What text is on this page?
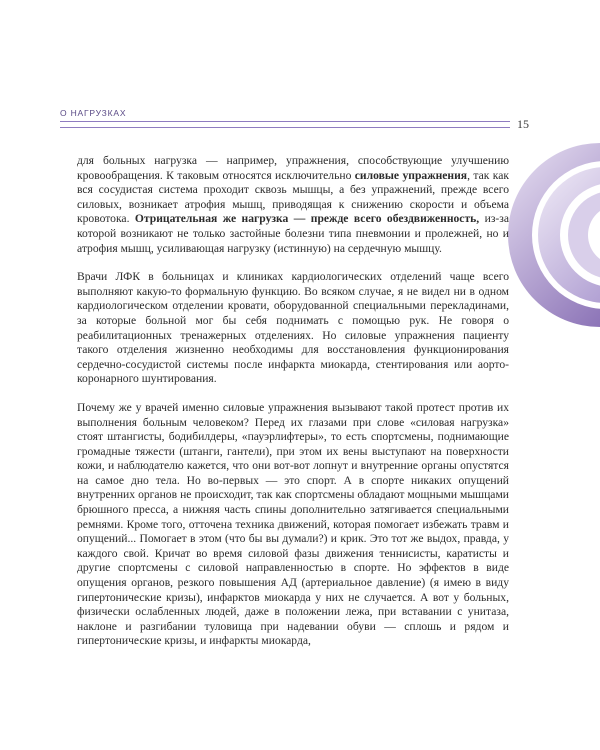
О НАГРУЗКАХ
15

для больных нагрузка — например, упражнения, способствующие улучшению кровообращения. К таковым относятся исключительно силовые упражнения, так как вся сосудистая система проходит сквозь мышцы, а без упражнений, прежде всего силовых, возникает атрофия мышц, приводящая к снижению скорости и объема кровотока. Отрицательная же нагрузка — прежде всего обездвиженность, из-за которой возникают не только застойные болезни типа пневмонии и пролежней, но и атрофия мышц, усиливающая нагрузку (истинную) на сердечную мышцу.

Врачи ЛФК в больницах и клиниках кардиологических отделений чаще всего выполняют какую-то формальную функцию. Во всяком случае, я не видел ни в одном кардиологическом отделении кровати, оборудованной специальными перекладинами, за которые больной мог бы себя поднимать с помощью рук. Не говоря о реабилитационных тренажерных отделениях. Но силовые упражнения пациенту такого отделения жизненно необходимы для восстановления функционирования сердечно-сосудистой системы после инфаркта миокарда, стентирования или аорто-коронарного шунтирования.

Почему же у врачей именно силовые упражнения вызывают такой протест против их выполнения больным человеком? Перед их глазами при слове «силовая нагрузка» стоят штангисты, бодибилдеры, «пауэрлифтеры», то есть спортсмены, поднимающие громадные тяжести (штанги, гантели), при этом их вены выступают на поверхности кожи, и наблюдателю кажется, что они вот-вот лопнут и внутренние органы опустятся на самое дно тела. Но во-первых — это спорт. А в спорте никаких опущений внутренних органов не происходит, так как спортсмены обладают мощными мышцами брюшного пресса, а нижняя часть спины дополнительно затягивается специальными ремнями. Кроме того, отточена техника движений, которая помогает избежать травм и опущений... Помогает в этом (что бы вы думали?) и крик. Это тот же выдох, правда, у каждого свой. Кричат во время силовой фазы движения теннисисты, каратисты и другие спортсмены с силовой направленностью в спорте. Но эффектов в виде опущения органов, резкого повышения АД (артериальное давление) (я имею в виду гипертонические кризы), инфарктов миокарда у них не случается. А вот у больных, физически ослабленных людей, даже в положении лежа, при вставании с унитаза, наклоне и разгибании туловища при надевании обуви — сплошь и рядом и гипертонические кризы, и инфаркты миокарда,
